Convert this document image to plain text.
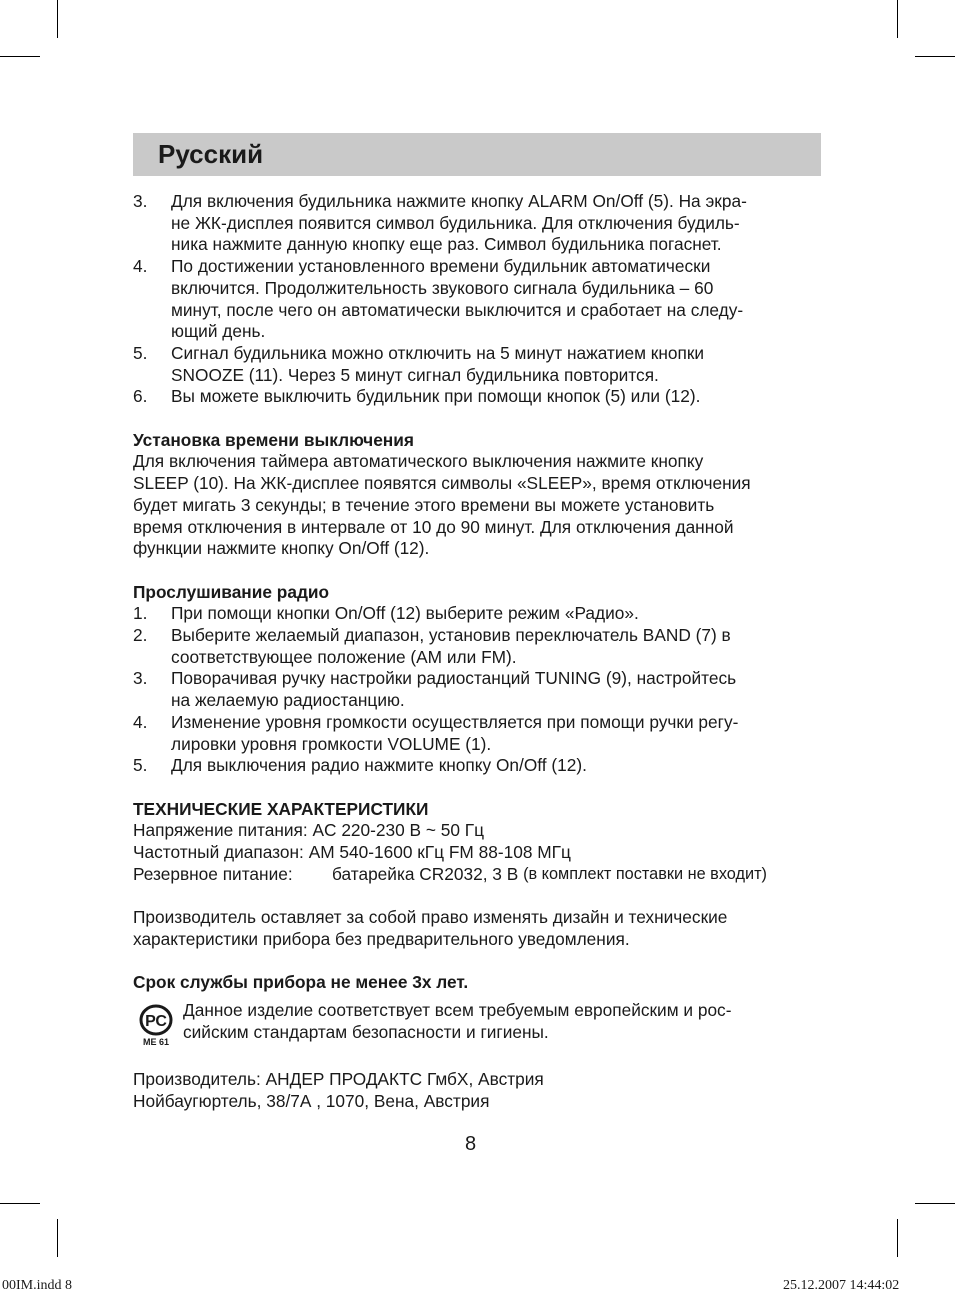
Русский
3.	Для включения будильника нажмите кнопку ALARM On/Off (5). На экра-
не ЖК-дисплея появится символ будильника. Для отключения будиль-
ника нажмите данную кнопку еще раз. Символ будильника погаснет.
4.	По достижении установленного времени будильник автоматически
включится. Продолжительность звукового сигнала будильника – 60
минут, после чего он автоматически выключится и сработает на следу-
ющий день.
5.	Сигнал будильника можно отключить на 5 минут нажатием кнопки
SNOOZE (11). Через 5 минут сигнал будильника повторится.
6.	Вы можете выключить будильник при помощи кнопок (5) или (12).
Установка времени выключения
Для включения таймера автоматического выключения нажмите кнопку
SLEEP (10). На ЖК-дисплее появятся символы «SLEEP», время отключения
будет мигать 3 секунды; в течение этого времени вы можете установить
время отключения в интервале от 10 до 90 минут. Для отключения данной
функции нажмите кнопку On/Off (12).
Прослушивание радио
1.	При помощи кнопки On/Off (12) выберите режим «Радио».
2.	Выберите желаемый диапазон, установив переключатель BAND (7) в
соответствующее положение (AM или FM).
3.	Поворачивая ручку настройки радиостанций TUNING (9), настройтесь
на желаемую радиостанцию.
4.	Изменение уровня громкости осуществляется при помощи ручки регу-
лировки уровня громкости VOLUME (1).
5.	Для выключения радио нажмите кнопку On/Off (12).
ТЕХНИЧЕСКИЕ ХАРАКТЕРИСТИКИ
Напряжение питания:
AC 220-230 В ~ 50 Гц
Частотный диапазон:
AM 540-1600 кГц FM 88-108 МГц
Резервное питание:	батарейка CR2032, 3 В
(в комплект поставки не входит)
Производитель оставляет за собой право изменять дизайн и технические
характеристики прибора без предварительного уведомления.
Срок службы прибора не менее 3х лет.
РС
МЕ 61
Данное изделие соответствует всем требуемым европейским и рос-
сийским стандартам безопасности и гигиены.
Производитель: АНДЕР ПРОДАКТС ГмбХ, Австрия
Нойбаугюртель, 38/7А , 1070, Вена, Австрия
8
00IM.indd 8	25.12.2007 14:44:02
